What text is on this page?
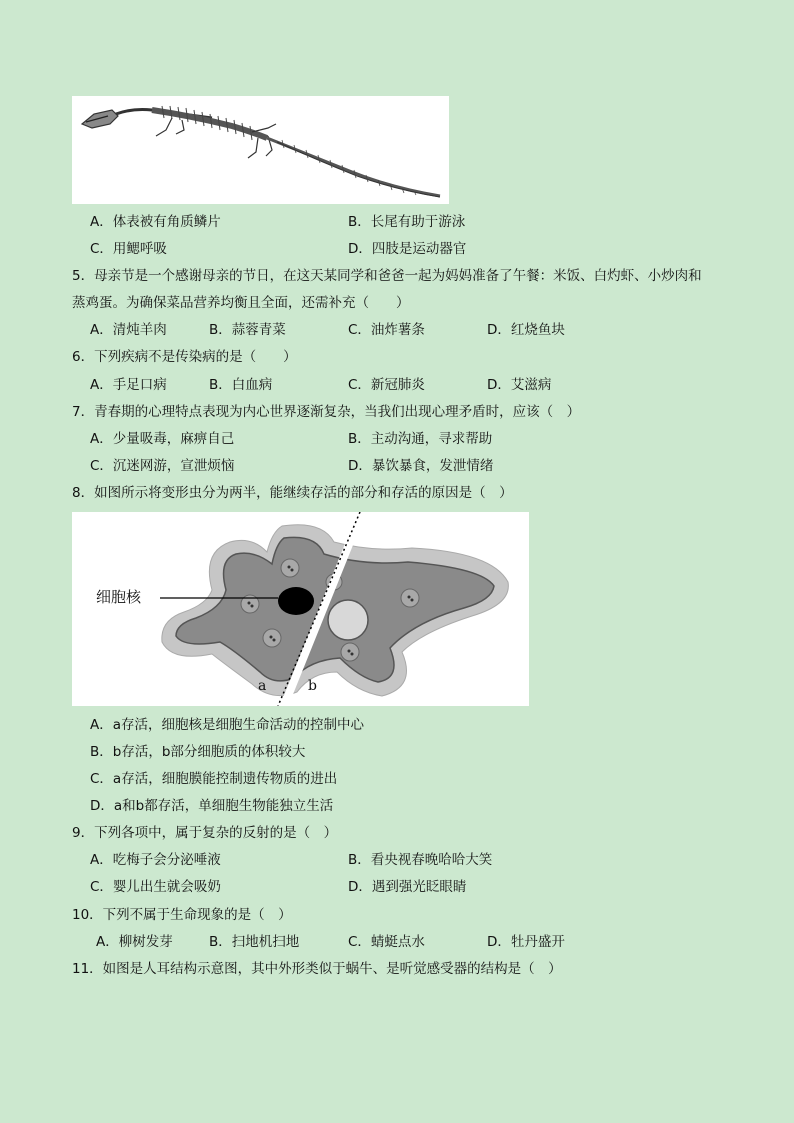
A．体表被有角质鳞片	B．长尾有助于游泳
C．用鳃呼吸	D．四肢是运动器官
5．母亲节是一个感谢母亲的节日，在这天某同学和爸爸一起为妈妈准备了午餐：米饭、白灼虾、小炒肉和
蒸鸡蛋。为确保菜品营养均衡且全面，还需补充（　　）
A．清炖羊肉	B．蒜蓉青菜	C．油炸薯条	D．红烧鱼块
6．下列疾病不是传染病的是（　　）
A．手足口病	B．白血病	C．新冠肺炎	D．艾滋病
7．青春期的心理特点表现为内心世界逐渐复杂，当我们出现心理矛盾时，应该（　）
A．少量吸毒，麻痹自己	B．主动沟通，寻求帮助
C．沉迷网游，宣泄烦恼	D．暴饮暴食，发泄情绪
8．如图所示将变形虫分为两半，能继续存活的部分和存活的原因是（　）
细胞核
a	b
A．a存活，细胞核是细胞生命活动的控制中心
B．b存活，b部分细胞质的体积较大
C．a存活，细胞膜能控制遗传物质的进出
D．a和b都存活，单细胞生物能独立生活
9．下列各项中，属于复杂的反射的是（　）
A．吃梅子会分泌唾液	B．看央视春晚哈哈大笑
C．婴儿出生就会吸奶	D．遇到强光眨眼睛
10．下列不属于生命现象的是（　）
A．柳树发芽	B．扫地机扫地	C．蜻蜓点水	D．牡丹盛开
11．如图是人耳结构示意图，其中外形类似于蜗牛、是听觉感受器的结构是（　）
